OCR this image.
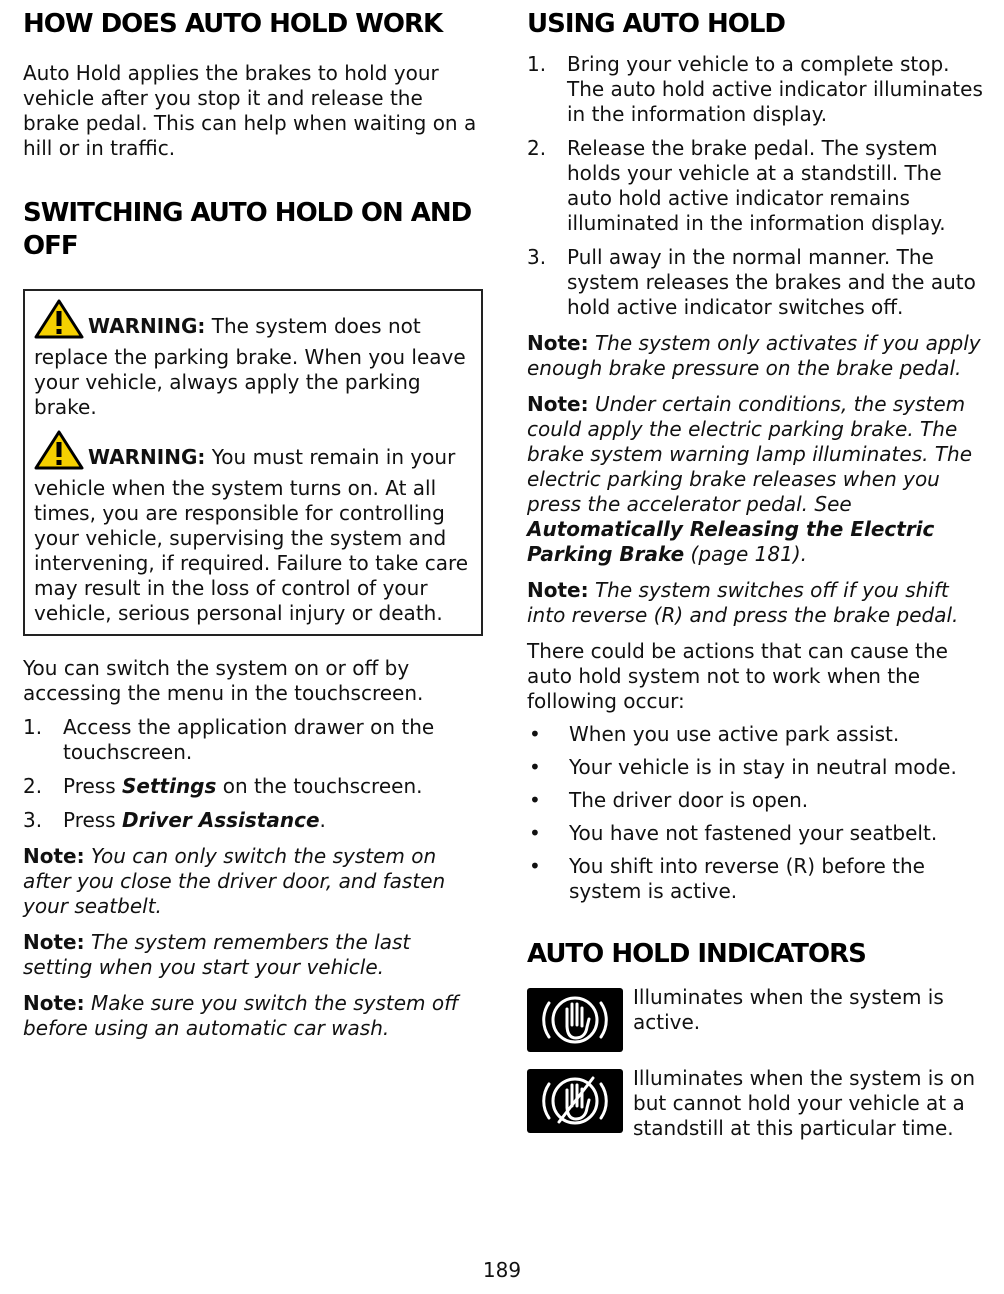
HOW DOES AUTO HOLD WORK

Auto Hold applies the brakes to hold your vehicle after you stop it and release the brake pedal. This can help when waiting on a hill or in traffic.

SWITCHING AUTO HOLD ON AND OFF

WARNING: The system does not replace the parking brake. When you leave your vehicle, always apply the parking brake.

WARNING: You must remain in your vehicle when the system turns on. At all times, you are responsible for controlling your vehicle, supervising the system and intervening, if required. Failure to take care may result in the loss of control of your vehicle, serious personal injury or death.

You can switch the system on or off by accessing the menu in the touchscreen.

1.	Access the application drawer on the touchscreen.
2.	Press Settings on the touchscreen.
3.	Press Driver Assistance.

Note: You can only switch the system on after you close the driver door, and fasten your seatbelt.

Note: The system remembers the last setting when you start your vehicle.

Note: Make sure you switch the system off before using an automatic car wash.

USING AUTO HOLD
1.	Bring your vehicle to a complete stop. The auto hold active indicator illuminates in the information display.
2.	Release the brake pedal. The system holds your vehicle at a standstill. The auto hold active indicator remains illuminated in the information display.
3.	Pull away in the normal manner. The system releases the brakes and the auto hold active indicator switches off.

Note: The system only activates if you apply enough brake pressure on the brake pedal.

Note: Under certain conditions, the system could apply the electric parking brake. The brake system warning lamp illuminates. The electric parking brake releases when you press the accelerator pedal. See Automatically Releasing the Electric Parking Brake (page 181).

Note: The system switches off if you shift into reverse (R) and press the brake pedal.

There could be actions that can cause the auto hold system not to work when the following occur:

•	When you use active park assist.
•	Your vehicle is in stay in neutral mode.
•	The driver door is open.
•	You have not fastened your seatbelt.
•	You shift into reverse (R) before the system is active.
AUTO HOLD INDICATORS

Illuminates when the system is active.

Illuminates when the system is on but cannot hold your vehicle at a standstill at this particular time.

189
